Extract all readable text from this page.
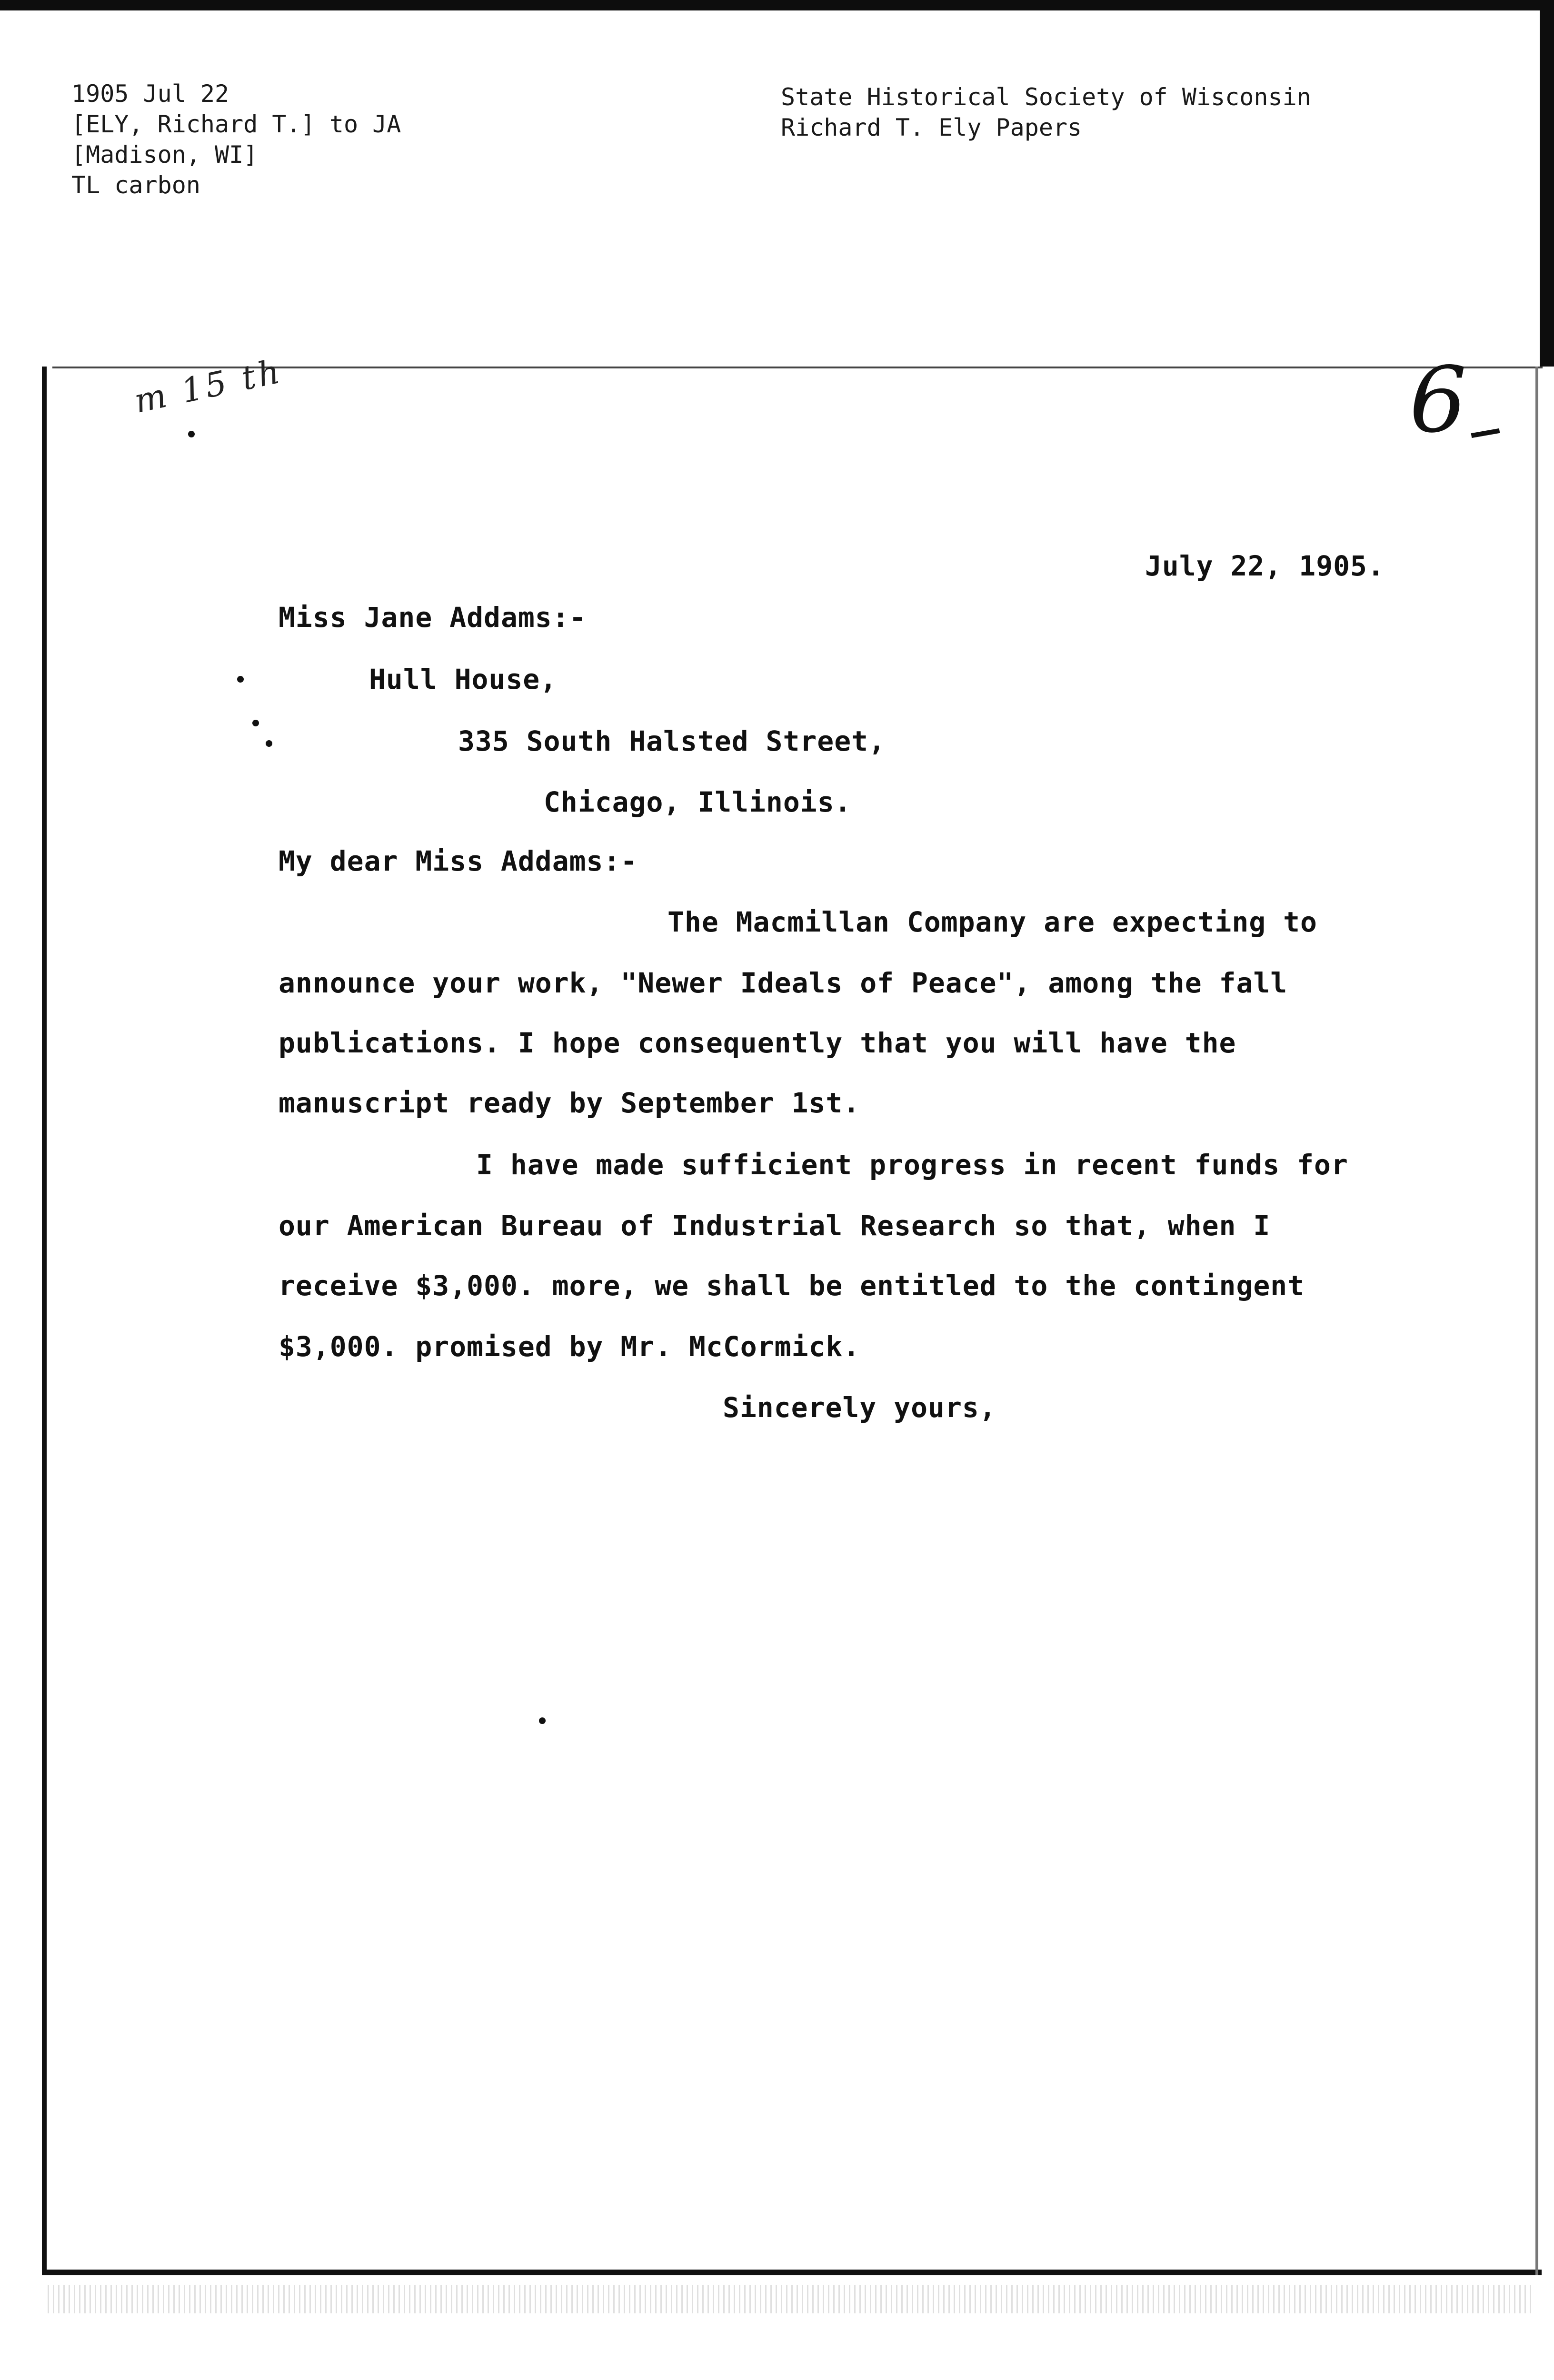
1905 Jul 22
[ELY, Richard T.] to JA
[Madison, WI]
TL carbon
State Historical Society of Wisconsin
Richard T. Ely Papers
m 15 th	6
July 22, 1905.
Miss Jane Addams:-
Hull House,
335 South Halsted Street,
Chicago, Illinois.
My dear Miss Addams:-
The Macmillan Company are expecting to
announce your work, "Newer Ideals of Peace", among the fall
publications. I hope consequently that you will have the
manuscript ready by September 1st.
I have made sufficient progress in recent funds for
our American Bureau of Industrial Research so that, when I
receive $3,000. more, we shall be entitled to the contingent
$3,000. promised by Mr. McCormick.
Sincerely yours,
